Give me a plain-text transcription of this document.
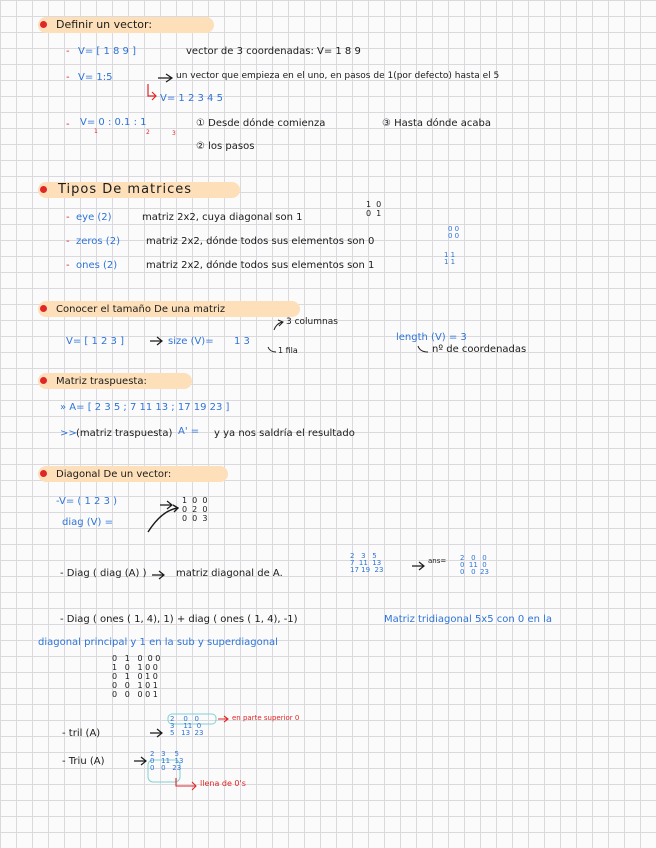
Definir un vector:
- V= [ 1 8 9 ]	vector de 3 coordenadas: V= 1 8 9
- V= 1:5	un vector que empieza en el uno, en pasos de 1(por defecto) hasta el 5
V= 1 2 3 4 5
- V= 0 : 0.1 : 1
1	2	3
① Desde dónde comienza	③ Hasta dónde acaba
② los pasos
Tipos De matrices
- eye (2)	matriz 2x2, cuya diagonal son 1
1  0
0  1
- zeros (2)	matriz 2x2, dónde todos sus elementos son 0
0 0
0 0
- ones (2)	matriz 2x2, dónde todos sus elementos son 1
1 1
1 1
Conocer el tamaño De una matriz
V= [ 1 2 3 ]	size (V)= 1 3
3 columnas
1 fila
length (V) = 3
nº de coordenadas
Matriz traspuesta:
» A= [ 2 3 5 ; 7 11 13 ; 17 19 23 ]
>> (matriz traspuesta) A' = y ya nos saldría el resultado
Diagonal De un vector:
-V= ( 1 2 3 )
diag (V) =
1  0  0
0  2  0
0  0  3
- Diag ( diag (A) )	matriz diagonal de A.
2   3   5
7  11  13
17 19  23
ans= 2   0   0
0  11  0
0   0  23
- Diag ( ones ( 1, 4), 1) + diag ( ones ( 1, 4), -1)	Matriz tridiagonal 5x5 con 0 en la
diagonal principal y 1 en la sub y superdiagonal
0   1   0  0 0
1   0   1 0 0
0   1   0 1 0
0   0   1 0 1
0   0   0 0 1
- tril (A)
2    0   0
3    11  0
5   13  23
en parte superior 0
- Triu (A)
2   3    5
0   11  13
0   0   23
llena de 0's
